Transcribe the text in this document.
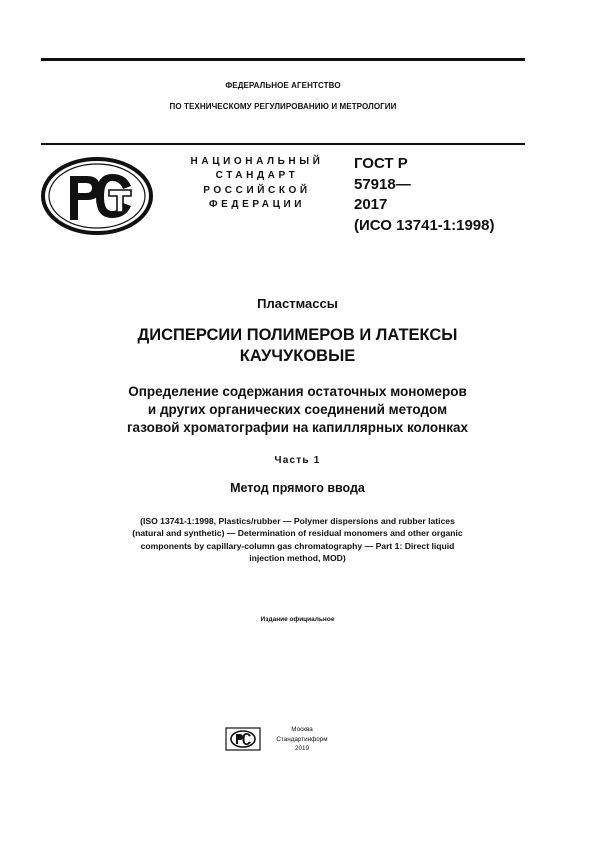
ФЕДЕРАЛЬНОЕ АГЕНТСТВО
ПО ТЕХНИЧЕСКОМУ РЕГУЛИРОВАНИЮ И МЕТРОЛОГИИ
НАЦИОНАЛЬНЫЙ
СТАНДАРТ
РОССИЙСКОЙ
ФЕДЕРАЦИИ
ГОСТ Р
57918—
2017
(ИСО 13741-1:1998)
Пластмассы
ДИСПЕРСИИ ПОЛИМЕРОВ И ЛАТЕКСЫ
КАУЧУКОВЫЕ
Определение содержания остаточных мономеров
и других органических соединений методом
газовой хроматографии на капиллярных колонках
Часть 1
Метод прямого ввода
(ISO 13741-1:1998, Plastics/rubber — Polymer dispersions and rubber latices
(natural and synthetic) — Determination of residual monomers and other organic
components by capillary-column gas chromatography — Part 1: Direct liquid
injection method, MOD)
Издание официальное
Москва
Стандартинформ
2019
